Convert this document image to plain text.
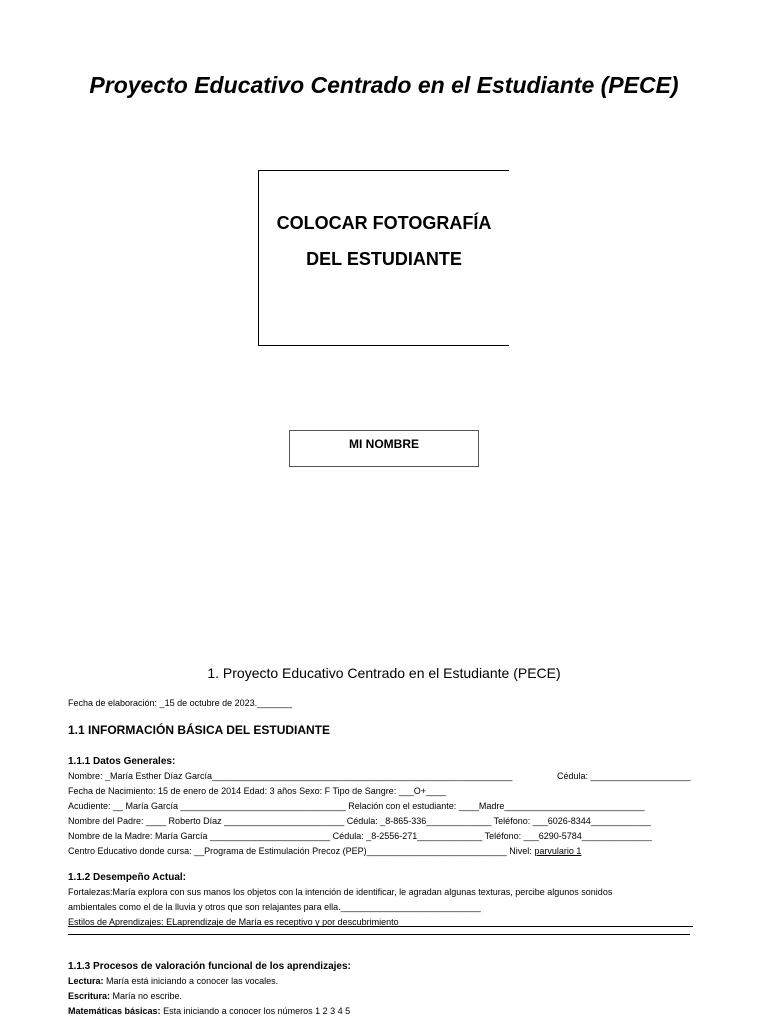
Proyecto Educativo Centrado en el Estudiante (PECE)
COLOCAR FOTOGRAFÍA
DEL ESTUDIANTE
MI NOMBRE
1. Proyecto Educativo Centrado en el Estudiante (PECE)
Fecha de elaboración: _15 de octubre de 2023._______
1.1 INFORMACIÓN BÁSICA DEL ESTUDIANTE
1.1.1 Datos Generales:
Nombre: _María Esther Díaz García____________________________________________________________	Cédula: ____________________
Fecha de Nacimiento: 15 de enero de 2014 Edad: 3 años Sexo: F Tipo de Sangre: ___O+____
Acudiente: __ María García _________________________________ Relación con el estudiante: ____Madre____________________________
Nombre del Padre: ____ Roberto Díaz ________________________ Cédula: _8-865-336_____________ Teléfono: ___6026-8344____________
Nombre de la Madre: María García ________________________ Cédula: _8-2556-271_____________ Teléfono: ___6290-5784______________
Centro Educativo donde cursa: __Programa de Estimulación Precoz (PEP)____________________________ Nivel: parvulario 1
1.1.2 Desempeño Actual:
Fortalezas:María explora con sus manos los objetos con la intención de identificar, le agradan algunas texturas, percibe algunos sonidos
ambientales como el de la lluvia y otros que son relajantes para ella.____________________________
Estilos de Aprendizajes: ELaprendizaje de María es receptivo y por descubrimiento
1.1.3 Procesos de valoración funcional de los aprendizajes:
Lectura: María está iniciando a conocer las vocales.
Escritura: María no escribe.
Matemáticas básicas: Esta iniciando a conocer los números 1 2 3 4 5
